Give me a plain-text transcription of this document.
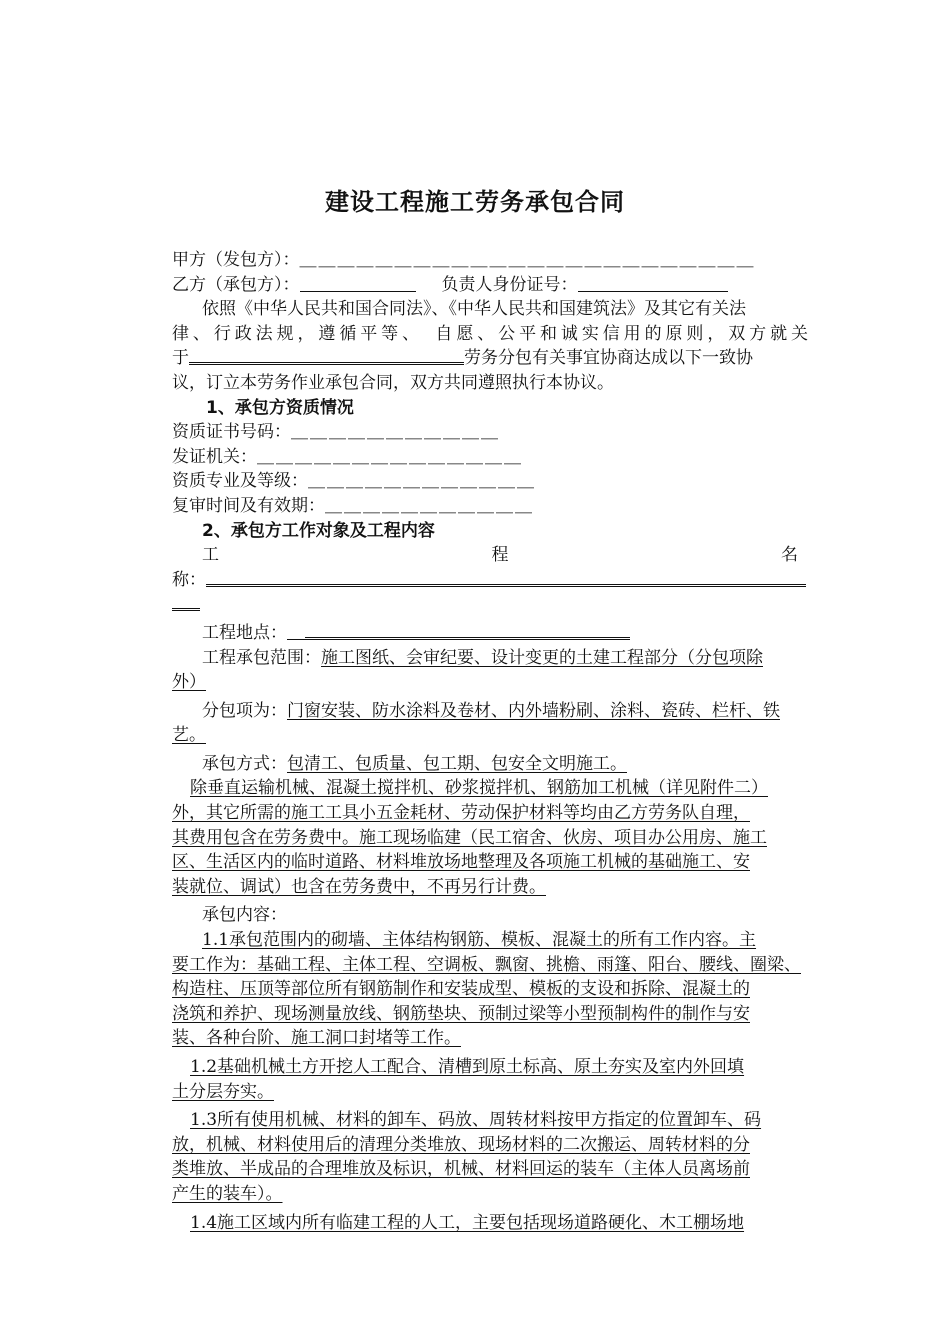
建设工程施工劳务承包合同
甲方（发包方）：＿＿＿＿＿＿＿＿＿＿＿＿＿＿＿＿＿＿＿＿＿＿＿＿
乙方（承包方）：	负责人身份证号：
依照《中华人民共和国合同法》、《中华人民共和国建筑法》及其它有关法
律、行政法规，遵循平等、　自愿、公平和诚实信用的原则，双方就关
于	劳务分包有关事宜协商达成以下一致协
议，订立本劳务作业承包合同，双方共同遵照执行本协议。
1、承包方资质情况
资质证书号码：＿＿＿＿＿＿＿＿＿＿＿
发证机关：＿＿＿＿＿＿＿＿＿＿＿＿＿＿
资质专业及等级：＿＿＿＿＿＿＿＿＿＿＿＿
复审时间及有效期：＿＿＿＿＿＿＿＿＿＿＿
2、承包方工作对象及工程内容
工	程	名
称：
工程地点：
工程承包范围：施工图纸、会审纪要、设计变更的土建工程部分（分包项除
外）
分包项为：门窗安装、防水涂料及卷材、内外墙粉刷、涂料、瓷砖、栏杆、铁
艺。
承包方式：包清工、包质量、包工期、包安全文明施工。
除垂直运输机械、混凝土搅拌机、砂浆搅拌机、钢筋加工机械（详见附件二）
外，其它所需的施工工具小五金耗材、劳动保护材料等均由乙方劳务队自理，
其费用包含在劳务费中。施工现场临建（民工宿舍、伙房、项目办公用房、施工
区、生活区内的临时道路、材料堆放场地整理及各项施工机械的基础施工、安
装就位、调试）也含在劳务费中，不再另行计费。
承包内容：
1.1承包范围内的砌墙、主体结构钢筋、模板、混凝土的所有工作内容。主
要工作为：基础工程、主体工程、空调板、飘窗、挑檐、雨篷、阳台、腰线、圈梁、
构造柱、压顶等部位所有钢筋制作和安装成型、模板的支设和拆除、混凝土的
浇筑和养护、现场测量放线、钢筋垫块、预制过梁等小型预制构件的制作与安
装、各种台阶、施工洞口封堵等工作。
1.2基础机械土方开挖人工配合、清槽到原土标高、原土夯实及室内外回填
土分层夯实。
1.3所有使用机械、材料的卸车、码放、周转材料按甲方指定的位置卸车、码
放，机械、材料使用后的清理分类堆放、现场材料的二次搬运、周转材料的分
类堆放、半成品的合理堆放及标识，机械、材料回运的装车（主体人员离场前
产生的装车）。
1.4施工区域内所有临建工程的人工，主要包括现场道路硬化、木工棚场地
